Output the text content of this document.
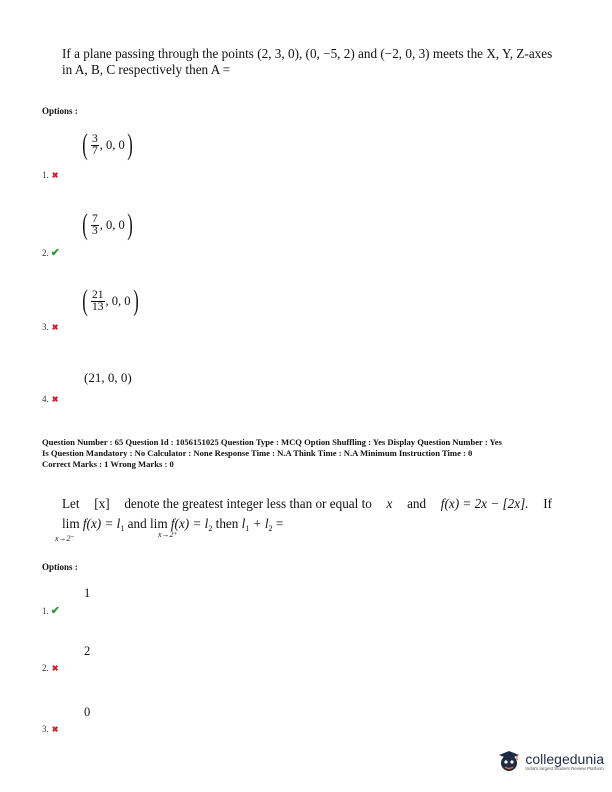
If a plane passing through the points (2, 3, 0), (0, −5, 2) and (−2, 0, 3) meets the X, Y, Z-axes in A, B, C respectively then A =
Options :
( $\frac{3}{7}$ , 0, 0 )
1. ✖
( $\frac{7}{3}$ , 0, 0 )
2. ✔
( $\frac{21}{13}$ , 0, 0 )
3. ✖
(21, 0, 0)
4. ✖
Question Number : 65 Question Id : 1056151025 Question Type : MCQ Option Shuffling : Yes Display Question Number : Yes
Is Question Mandatory : No Calculator : None Response Time : N.A Think Time : N.A Minimum Instruction Time : 0
Correct Marks : 1 Wrong Marks : 0
Let [x] denote the greatest integer less than or equal to x and f(x) = 2x − [2x]. If
$\lim f(x) = l_1$ and $\lim f(x) = l_2$ then $l_1 + l_2$ =
x→2⁻	x→2⁺
Options :
1
1. ✔
2
2. ✖
0
3. ✖
collegedunia
India's largest Student Review Platform
